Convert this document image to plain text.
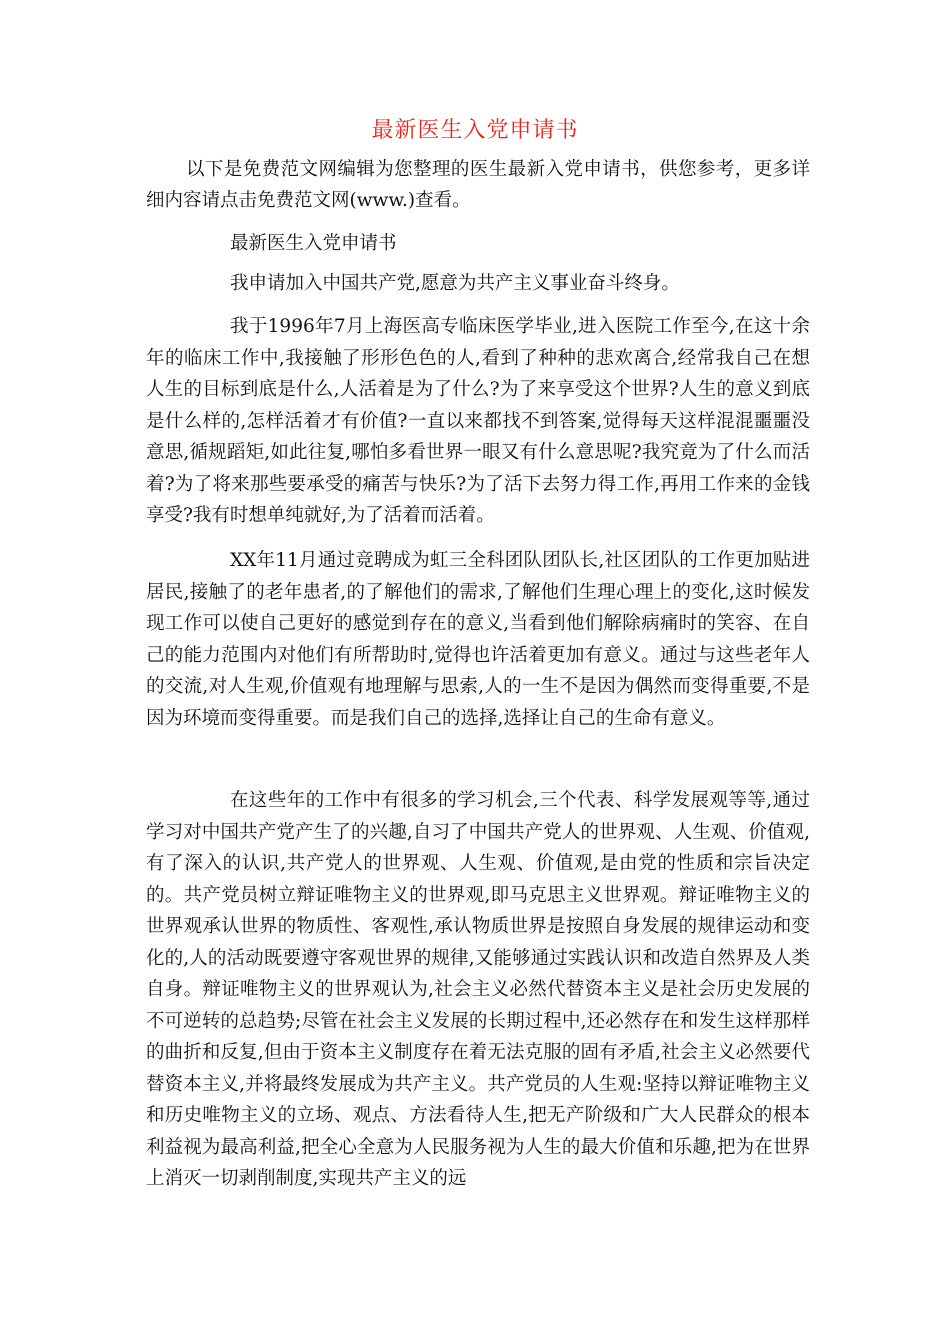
最新医生入党申请书

以下是免费范文网编辑为您整理的医生最新入党申请书，供您参考，更多详细内容请点击免费范文网(www.)查看。

最新医生入党申请书

我申请加入中国共产党,愿意为共产主义事业奋斗终身。

我于1996年7月上海医高专临床医学毕业,进入医院工作至今,在这十余年的临床工作中,我接触了形形色色的人,看到了种种的悲欢离合,经常我自己在想人生的目标到底是什么,人活着是为了什么?为了来享受这个世界?人生的意义到底是什么样的,怎样活着才有价值?一直以来都找不到答案,觉得每天这样混混噩噩没意思,循规蹈矩,如此往复,哪怕多看世界一眼又有什么意思呢?我究竟为了什么而活着?为了将来那些要承受的痛苦与快乐?为了活下去努力得工作,再用工作来的金钱享受?我有时想单纯就好,为了活着而活着。

XX年11月通过竞聘成为虹三全科团队团队长,社区团队的工作更加贴进居民,接触了的老年患者,的了解他们的需求,了解他们生理心理上的变化,这时候发现工作可以使自己更好的感觉到存在的意义,当看到他们解除病痛时的笑容、在自己的能力范围内对他们有所帮助时,觉得也许活着更加有意义。通过与这些老年人的交流,对人生观,价值观有地理解与思索,人的一生不是因为偶然而变得重要,不是因为环境而变得重要。而是我们自己的选择,选择让自己的生命有意义。

在这些年的工作中有很多的学习机会,三个代表、科学发展观等等,通过学习对中国共产党产生了的兴趣,自习了中国共产党人的世界观、人生观、价值观,有了深入的认识,共产党人的世界观、人生观、价值观,是由党的性质和宗旨决定的。共产党员树立辩证唯物主义的世界观,即马克思主义世界观。辩证唯物主义的世界观承认世界的物质性、客观性,承认物质世界是按照自身发展的规律运动和变化的,人的活动既要遵守客观世界的规律,又能够通过实践认识和改造自然界及人类自身。辩证唯物主义的世界观认为,社会主义必然代替资本主义是社会历史发展的不可逆转的总趋势;尽管在社会主义发展的长期过程中,还必然存在和发生这样那样的曲折和反复,但由于资本主义制度存在着无法克服的固有矛盾,社会主义必然要代替资本主义,并将最终发展成为共产主义。共产党员的人生观:坚持以辩证唯物主义和历史唯物主义的立场、观点、方法看待人生,把无产阶级和广大人民群众的根本利益视为最高利益,把全心全意为人民服务视为人生的最大价值和乐趣,把为在世界上消灭一切剥削制度,实现共产主义的远
